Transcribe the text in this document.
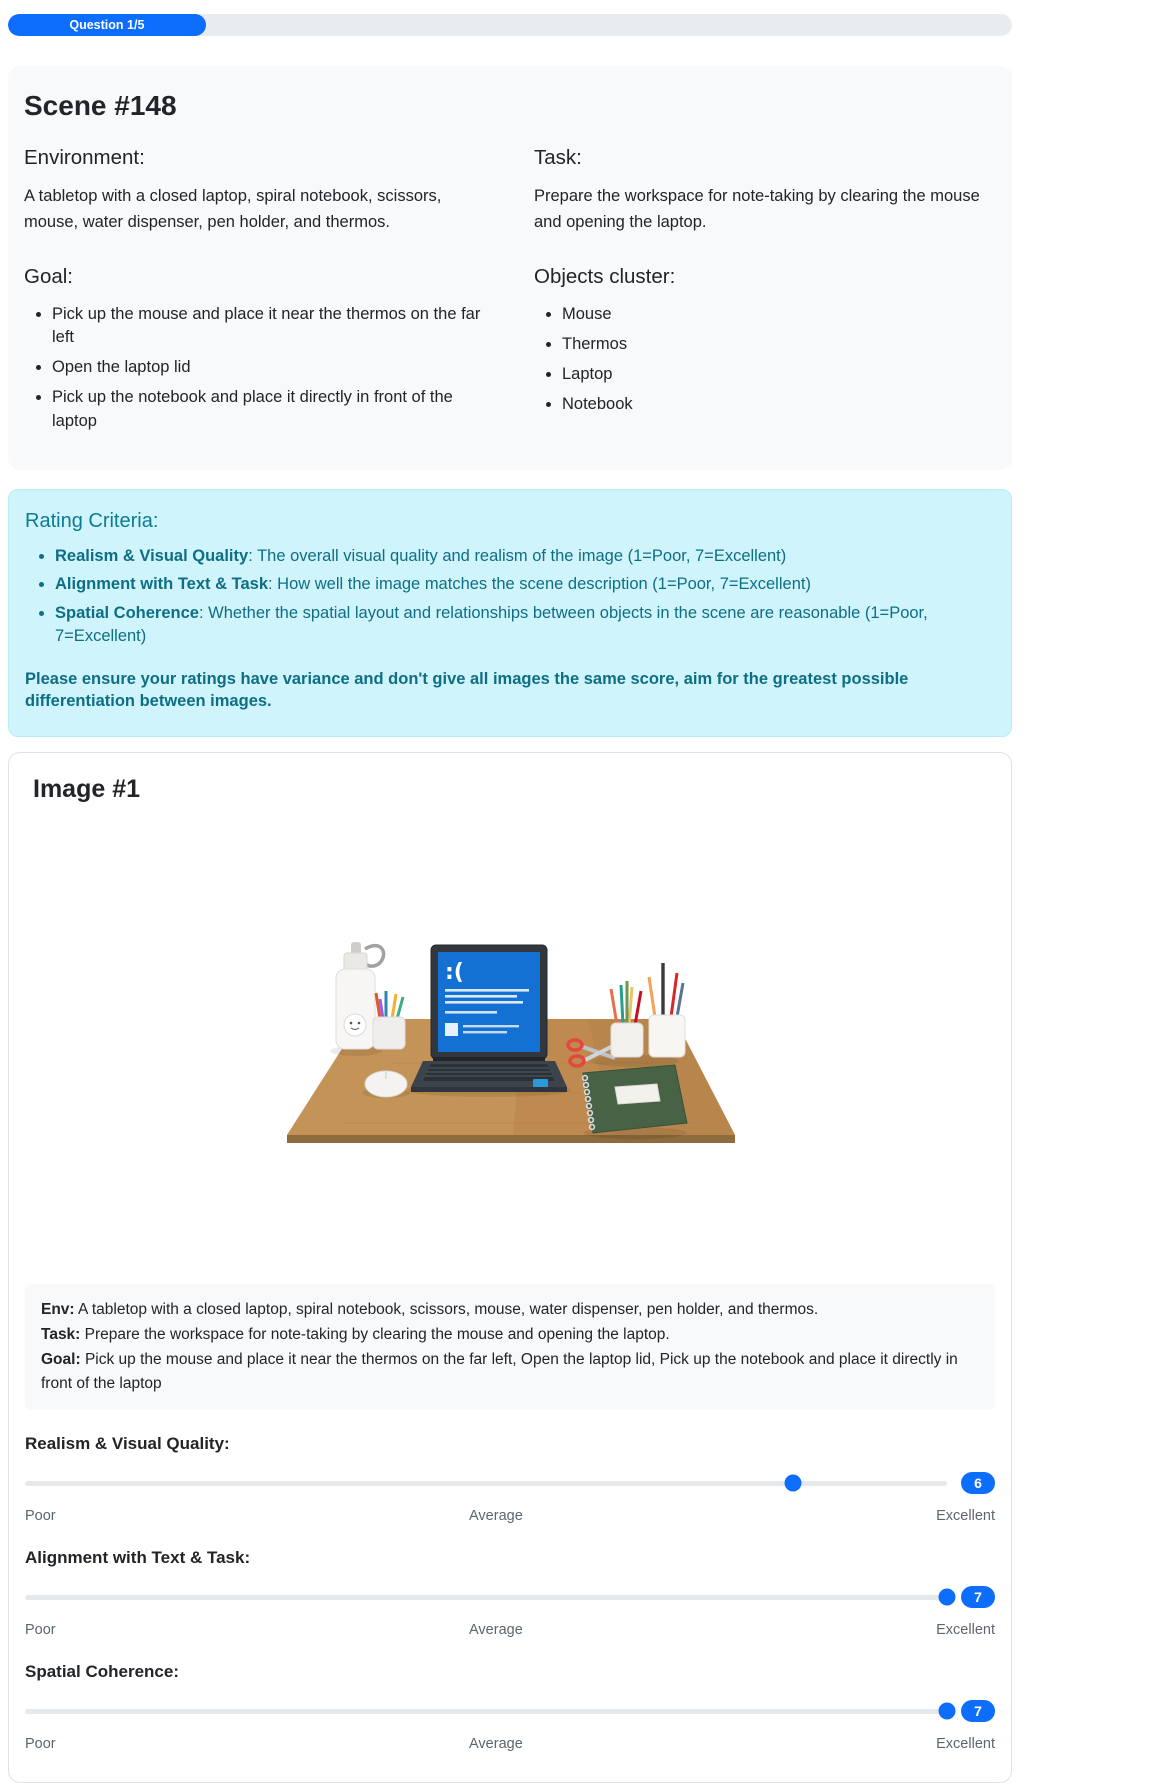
Question 1/5
Scene #148
Environment:

A tabletop with a closed laptop, spiral notebook, scissors, mouse, water dispenser, pen holder, and thermos.

Task:

Prepare the workspace for note-taking by clearing the mouse and opening the laptop.

Goal:
• Pick up the mouse and place it near the thermos on the far left
• Open the laptop lid
• Pick up the notebook and place it directly in front of the laptop
Objects cluster:
• Mouse
• Thermos
• Laptop
• Notebook
Rating Criteria:
• Realism & Visual Quality: The overall visual quality and realism of the image (1=Poor, 7=Excellent)
• Alignment with Text & Task: How well the image matches the scene description (1=Poor, 7=Excellent)
• Spatial Coherence: Whether the spatial layout and relationships between objects in the scene are reasonable (1=Poor, 7=Excellent)

Please ensure your ratings have variance and don't give all images the same score, aim for the greatest possible differentiation between images.

Image #1
:(

Env: A tabletop with a closed laptop, spiral notebook, scissors, mouse, water dispenser, pen holder, and thermos.

Task: Prepare the workspace for note-taking by clearing the mouse and opening the laptop.

Goal: Pick up the mouse and place it near the thermos on the far left, Open the laptop lid, Pick up the notebook and place it directly in front of the laptop

Realism & Visual Quality:

6
Poor	Average	Excellent

Alignment with Text & Task:

7
Poor	Average	Excellent

Spatial Coherence:

7
Poor	Average	Excellent
